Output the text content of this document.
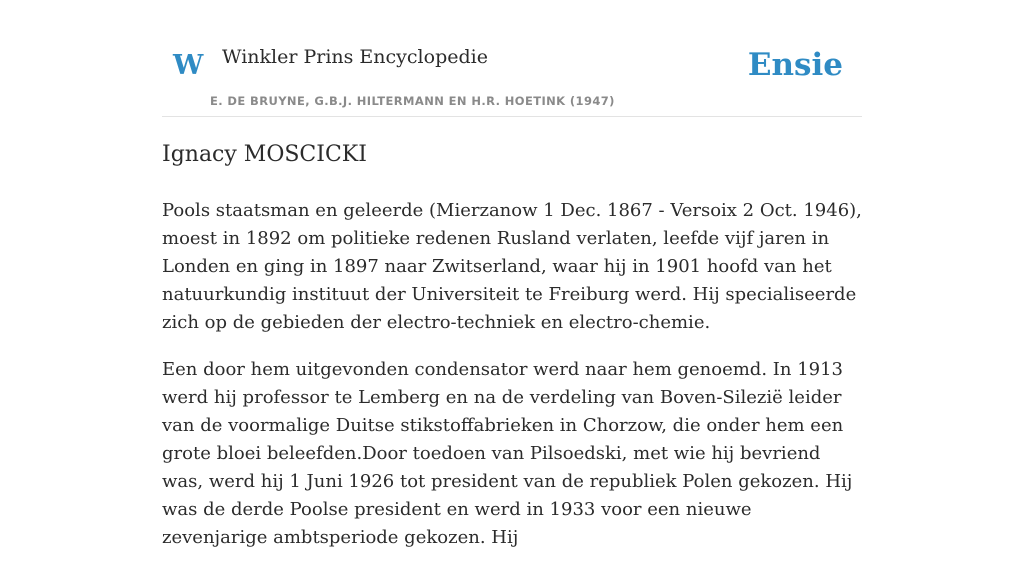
W Winkler Prins Encyclopedie
E. DE BRUYNE, G.B.J. HILTERMANN EN H.R. HOETINK (1947)
Ensie
Ignacy MOSCICKI

Pools staatsman en geleerde (Mierzanow 1 Dec. 1867 - Versoix 2 Oct. 1946), moest in 1892 om politieke redenen Rusland verlaten, leefde vijf jaren in Londen en ging in 1897 naar Zwitserland, waar hij in 1901 hoofd van het natuurkundig instituut der Universiteit te Freiburg werd. Hij specialiseerde zich op de gebieden der electro-techniek en electro-chemie.

Een door hem uitgevonden condensator werd naar hem genoemd. In 1913 werd hij professor te Lemberg en na de verdeling van Boven-Silezië leider van de voormalige Duitse stikstoffabrieken in Chorzow, die onder hem een grote bloei beleefden.Door toedoen van Pilsoedski, met wie hij bevriend was, werd hij 1 Juni 1926 tot president van de republiek Polen gekozen. Hij was de derde Poolse president en werd in 1933 voor een nieuwe zevenjarige ambtsperiode gekozen. Hij
